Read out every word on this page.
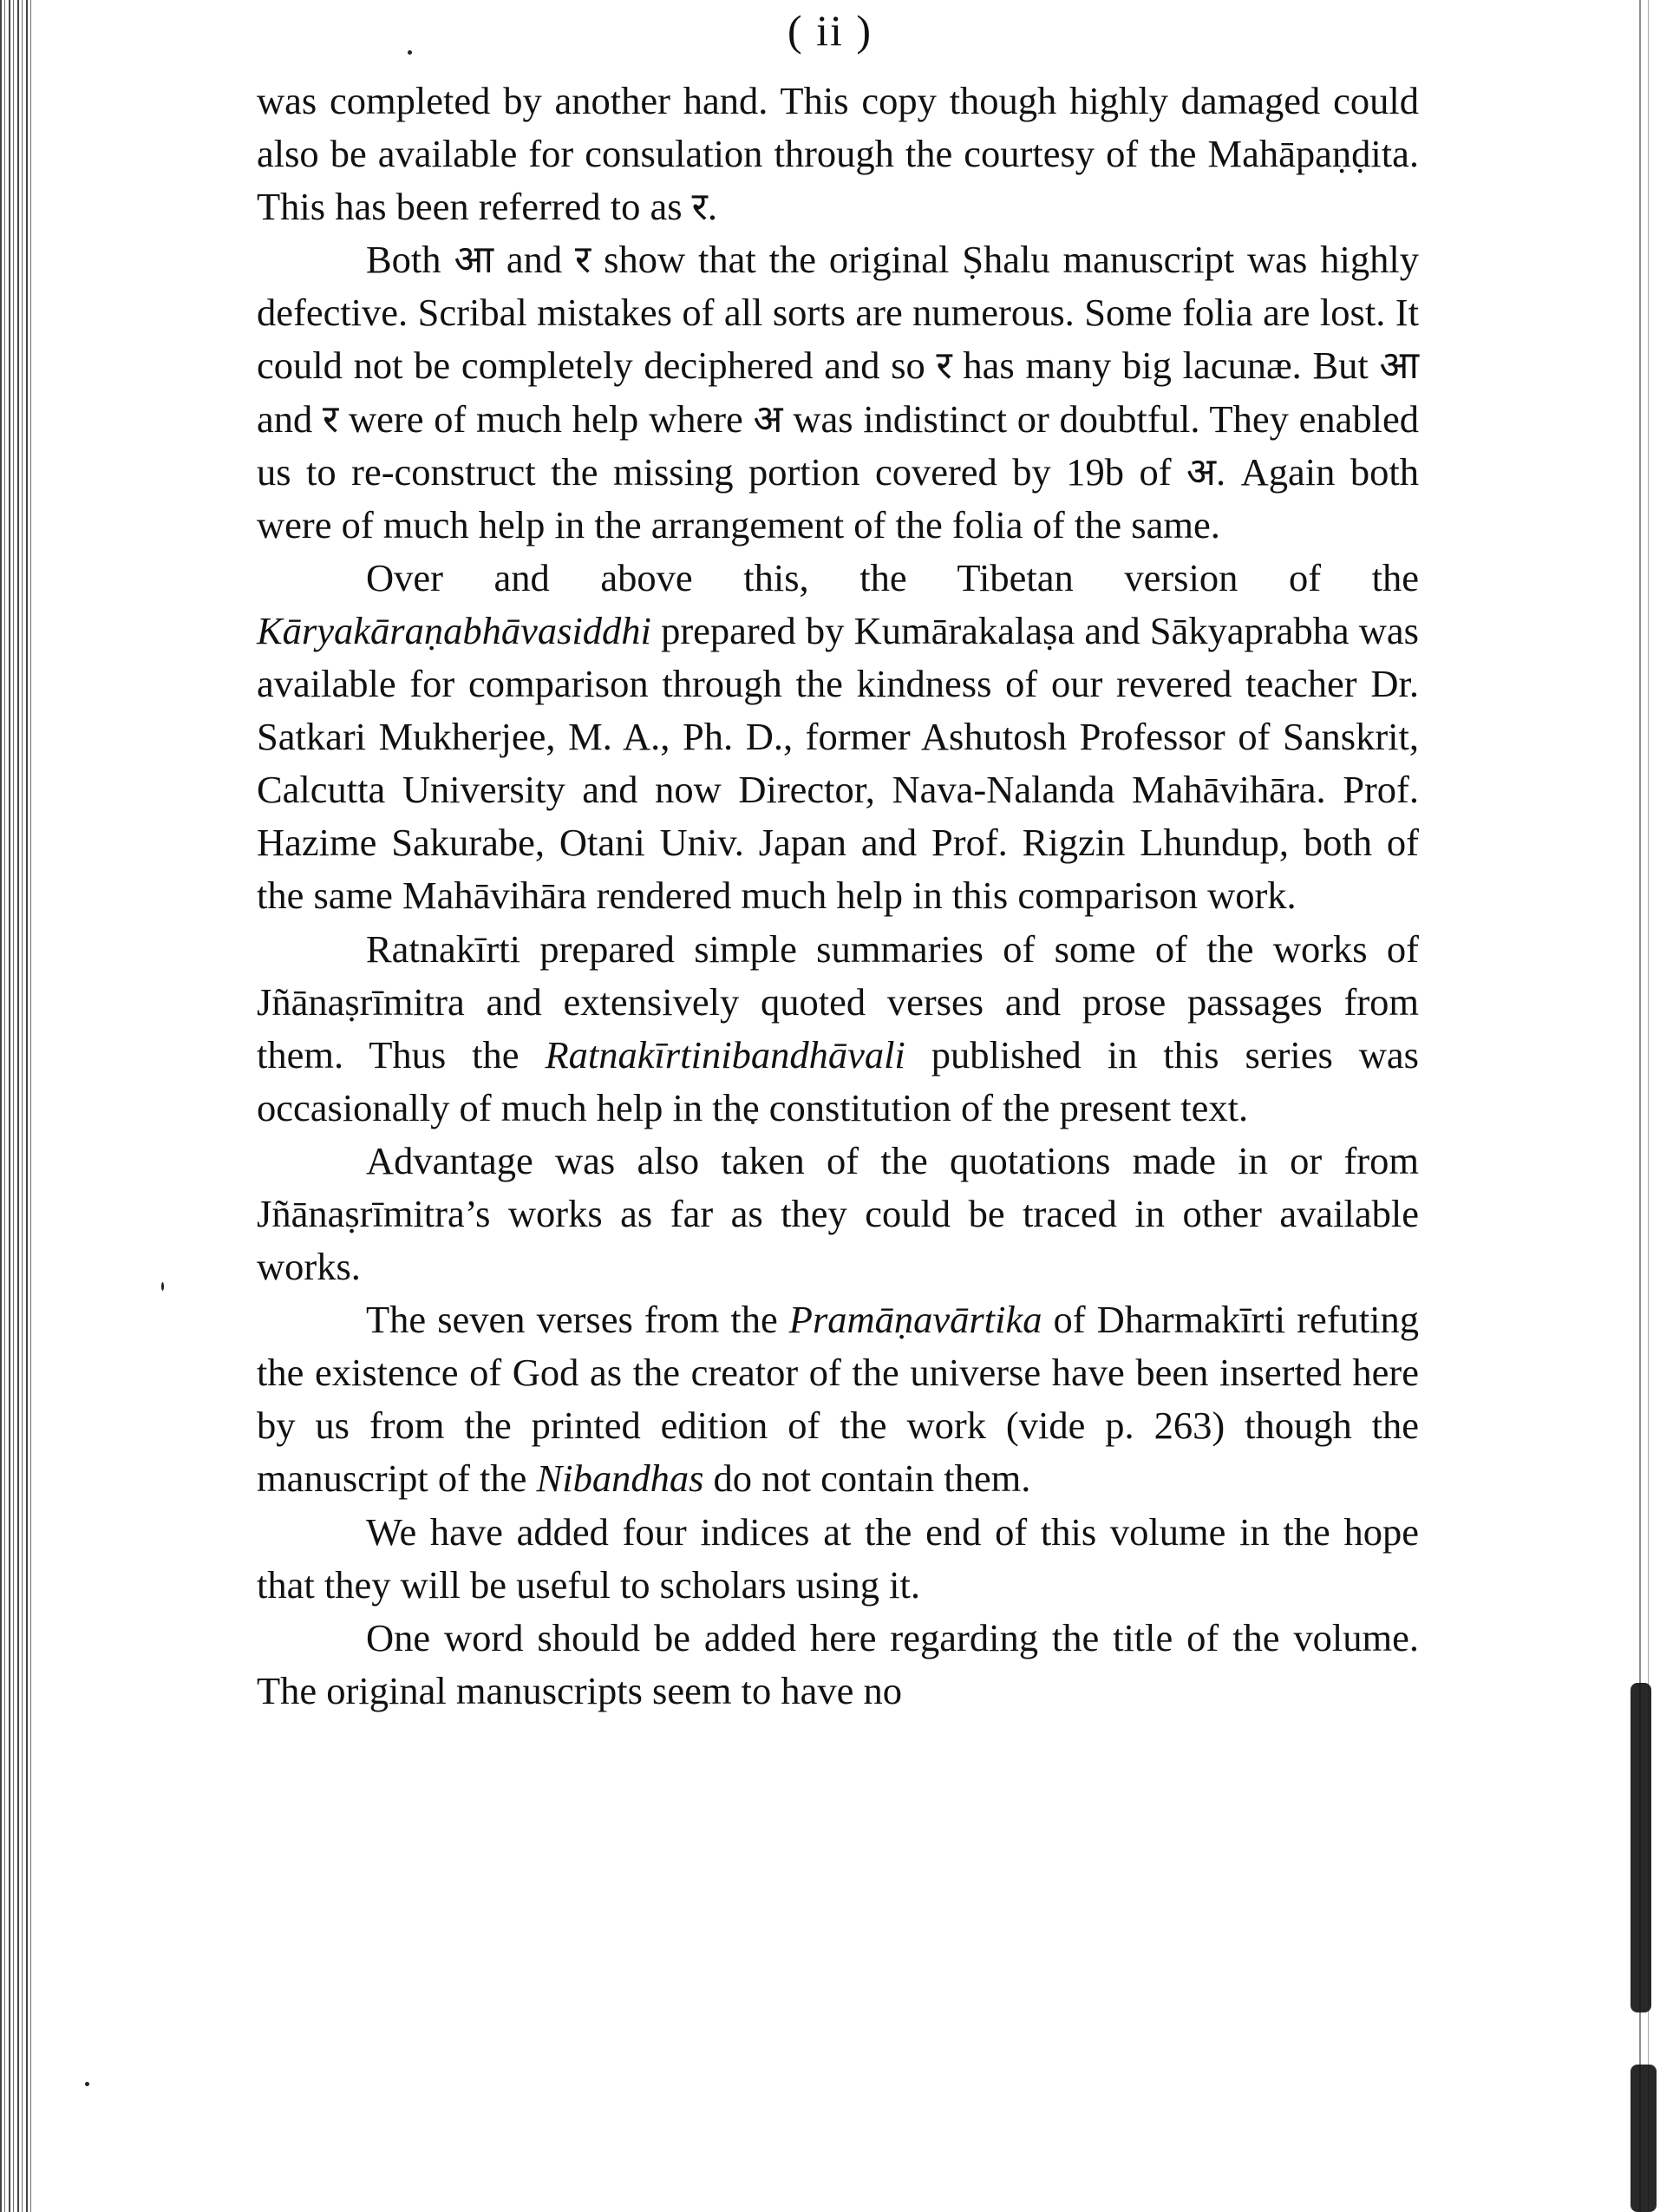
( ii )

was completed by another hand. This copy though highly damaged could also be available for consulation through the courtesy of the Mahāpaṇḍita. This has been referred to as र.

Both आ and र show that the original Ṣhalu manuscript was highly defective. Scribal mistakes of all sorts are numerous. Some folia are lost. It could not be completely deciphered and so र has many big lacunæ. But आ and र were of much help where अ was indistinct or doubtful. They enabled us to re-construct the missing portion covered by 19b of अ. Again both were of much help in the arrangement of the folia of the same.

Over and above this, the Tibetan version of the Kāryakāraṇabhāvasiddhi prepared by Kumārakalaṣa and Sākyaprabha was available for comparison through the kindness of our revered teacher Dr. Satkari Mukherjee, M. A., Ph. D., former Ashutosh Professor of Sanskrit, Calcutta University and now Director, Nava-Nalanda Mahāvihāra. Prof. Hazime Sakurabe, Otani Univ. Japan and Prof. Rigzin Lhundup, both of the same Mahāvihāra rendered much help in this comparison work.

Ratnakīrti prepared simple summaries of some of the works of Jñānaṣrīmitra and extensively quoted verses and prose passages from them. Thus the Ratnakīrtinibandhāvali published in this series was occasionally of much help in the constitution of the present text.

Advantage was also taken of the quotations made in or from Jñānaṣrīmitra’s works as far as they could be traced in other available works.

The seven verses from the Pramāṇavārtika of Dharmakīrti refuting the existence of God as the creator of the universe have been inserted here by us from the printed edition of the work (vide p. 263) though the manuscript of the Nibandhas do not contain them.

We have added four indices at the end of this volume in the hope that they will be useful to scholars using it.

One word should be added here regarding the title of the volume. The original manuscripts seem to have no
